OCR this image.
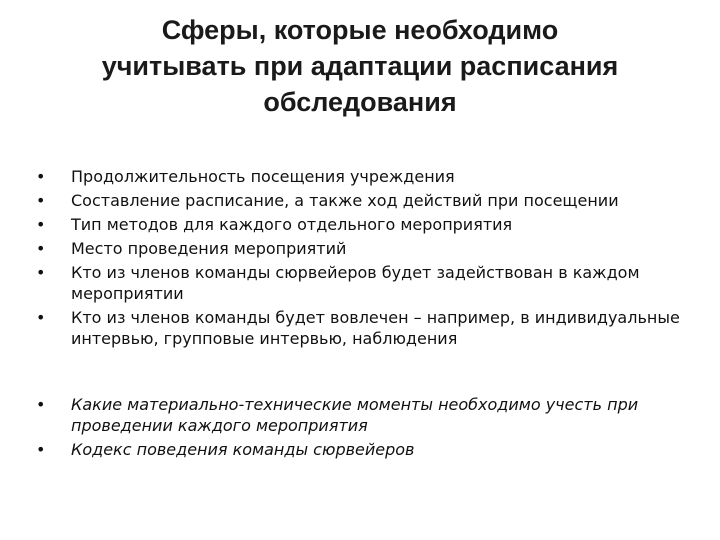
Сферы, которые необходимо
учитывать при адаптации расписания
обследования
• Продолжительность посещения учреждения
• Составление расписание, а также ход действий при посещении
• Тип методов для каждого отдельного мероприятия
• Место проведения мероприятий
• Кто из членов команды сюрвейеров будет задействован в каждом мероприятии
• Кто из членов команды будет вовлечен – например, в индивидуальные интервью, групповые интервью, наблюдения
• Какие материально-технические моменты необходимо учесть при проведении каждого мероприятия
• Кодекс поведения команды сюрвейеров
